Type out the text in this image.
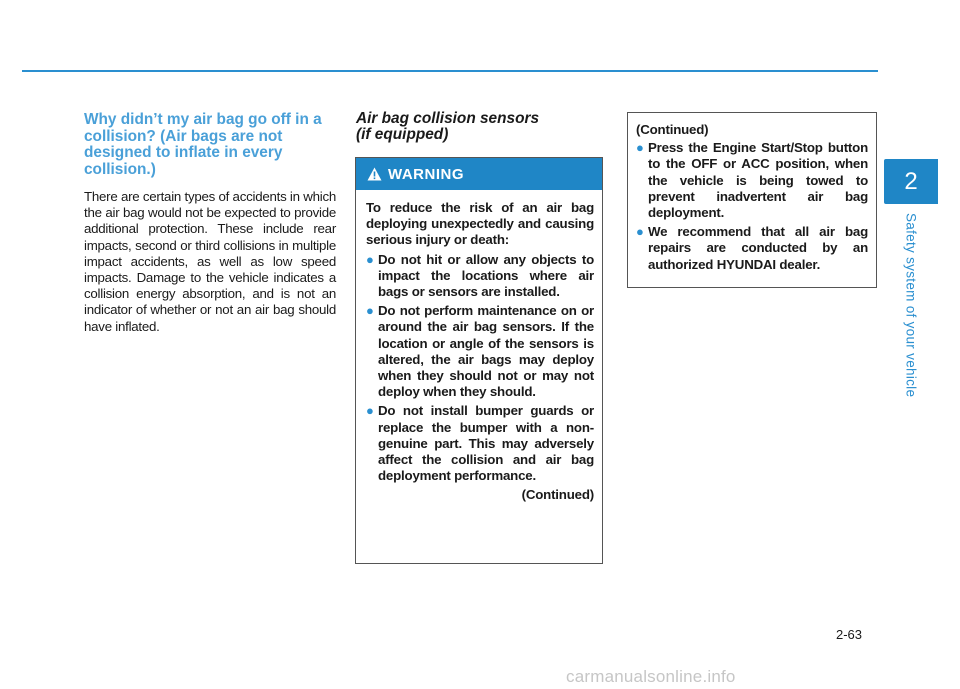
2
Safety system of your vehicle
Why didn’t my air bag go off in a collision? (Air bags are not designed to inflate in every collision.)

There are certain types of accidents in which the air bag would not be expected to provide additional protection. These include rear impacts, second or third collisions in multiple impact accidents, as well as low speed impacts. Damage to the vehicle indicates a collision energy absorption, and is not an indicator of whether or not an air bag should have inflated.

Air bag collision sensors
(if equipped)
WARNING

To reduce the risk of an air bag deploying unexpectedly and causing serious injury or death:

● Do not hit or allow any objects to impact the locations where air bags or sensors are installed.
● Do not perform maintenance on or around the air bag sensors. If the location or angle of the sensors is altered, the air bags may deploy when they should not or may not deploy when they should.
● Do not install bumper guards or replace the bumper with a non-genuine part. This may adversely affect the collision and air bag deployment performance.
(Continued)

(Continued)

● Press the Engine Start/Stop button to the OFF or ACC position, when the vehicle is being towed to prevent inadvertent air bag deployment.
● We recommend that all air bag repairs are conducted by an authorized HYUNDAI dealer.
2-63
carmanualsonline.info
